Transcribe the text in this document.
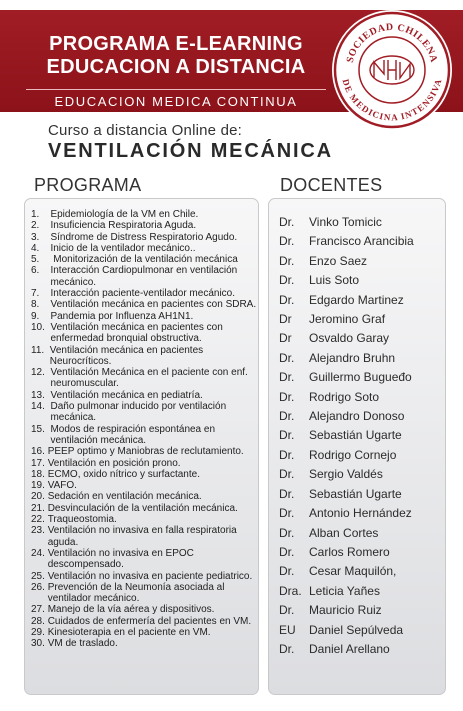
PROGRAMA E-LEARNING
EDUCACION A DISTANCIA
EDUCACION MEDICA CONTINUA
SOCIEDAD CHILENA
DE MEDICINA INTENSIVA
Curso a distancia Online de:
VENTILACIÓN MECÁNICA
PROGRAMA	DOCENTES
1. Epidemiología de la VM en Chile.
2. Insuficiencia Respiratoria Aguda.
3. Síndrome de Distress Respiratorio Agudo.
4. Inicio de la ventilador mecánico..
5. Monitorización de la ventilación mecánica
6. Interacción Cardiopulmonar en ventilación mecánico.
7. Interacción paciente-ventilador mecánico.
8. Ventilación mecánica en pacientes con SDRA.
9. Pandemia por Influenza AH1N1.
10. Ventilación mecánica en pacientes con enfermedad bronquial obstructiva.
11. Ventilación mecánica en pacientes Neurocríticos.
12. Ventilación Mecánica en el paciente con enf. neuromuscular.
13. Ventilación mecánica en pediatría.
14. Daño pulmonar inducido por ventilación mecánica.
15. Modos de respiración espontánea en ventilación mecánica.
16. PEEP optimo y Maniobras de reclutamiento.
17. Ventilación en posición prono.
18. ECMO, oxido nítrico y surfactante.
19. VAFO.
20. Sedación en ventilación mecánica.
21. Desvinculación de la ventilación mecánica.
22. Traqueostomia.
23. Ventilación no invasiva en falla respiratoria aguda.
24. Ventilación no invasiva en EPOC descompensado.
25. Ventilación no invasiva en paciente pediatrico.
26. Prevención de la Neumonía asociada al ventilador mecánico.
27. Manejo de la vía aérea y dispositivos.
28. Cuidados de enfermería del pacientes en VM.
29. Kinesioterapia en el paciente en VM.
30. VM de traslado.
Dr.	Vinko Tomicic
Dr.	Francisco Arancibia
Dr.	Enzo Saez
Dr.	Luis Soto
Dr.	Edgardo Martinez
Dr	Jeromino Graf
Dr	Osvaldo Garay
Dr.	Alejandro Bruhn
Dr.	Guillermo Bugueđo
Dr.	Rodrigo Soto
Dr.	Alejandro Donoso
Dr.	Sebastián Ugarte
Dr.	Rodrigo Cornejo
Dr.	Sergio Valdés
Dr.	Sebastián Ugarte
Dr.	Antonio Hernández
Dr.	Alban Cortes
Dr.	Carlos Romero
Dr.	Cesar Maquilón,
Dra. Leticia Yañes
Dr.	Mauricio Ruiz
EU	Daniel Sepúlveda
Dr.	Daniel Arellano
